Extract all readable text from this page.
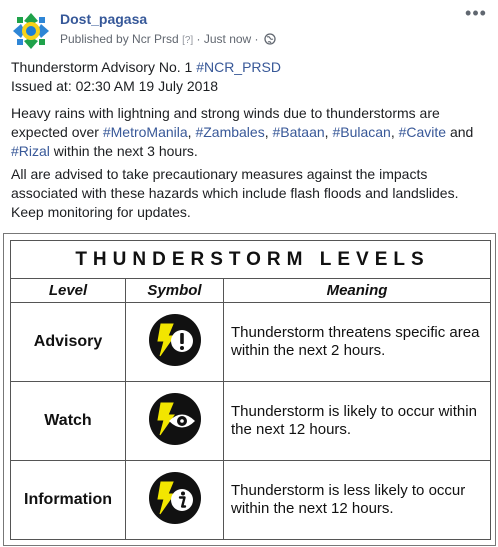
Dost_pagasa
Published by Ncr Prsd [?] · Just now ·
•••
Thunderstorm Advisory No. 1 #NCR_PRSD
Issued at: 02:30 AM 19 July 2018
Heavy rains with lightning and strong winds due to thunderstorms are expected over #MetroManila, #Zambales, #Bataan, #Bulacan, #Cavite and #Rizal within the next 3 hours.
All are advised to take precautionary measures against the impacts associated with these hazards which include flash floods and landslides. Keep monitoring for updates.
THUNDERSTORM LEVELS		
Level	Symbol	Meaning
Advisory		Thunderstorm threatens specific area within the next 2 hours.
Watch		Thunderstorm is likely to occur within the next 12 hours.
Information		Thunderstorm is less likely to occur within the next 12 hours.
